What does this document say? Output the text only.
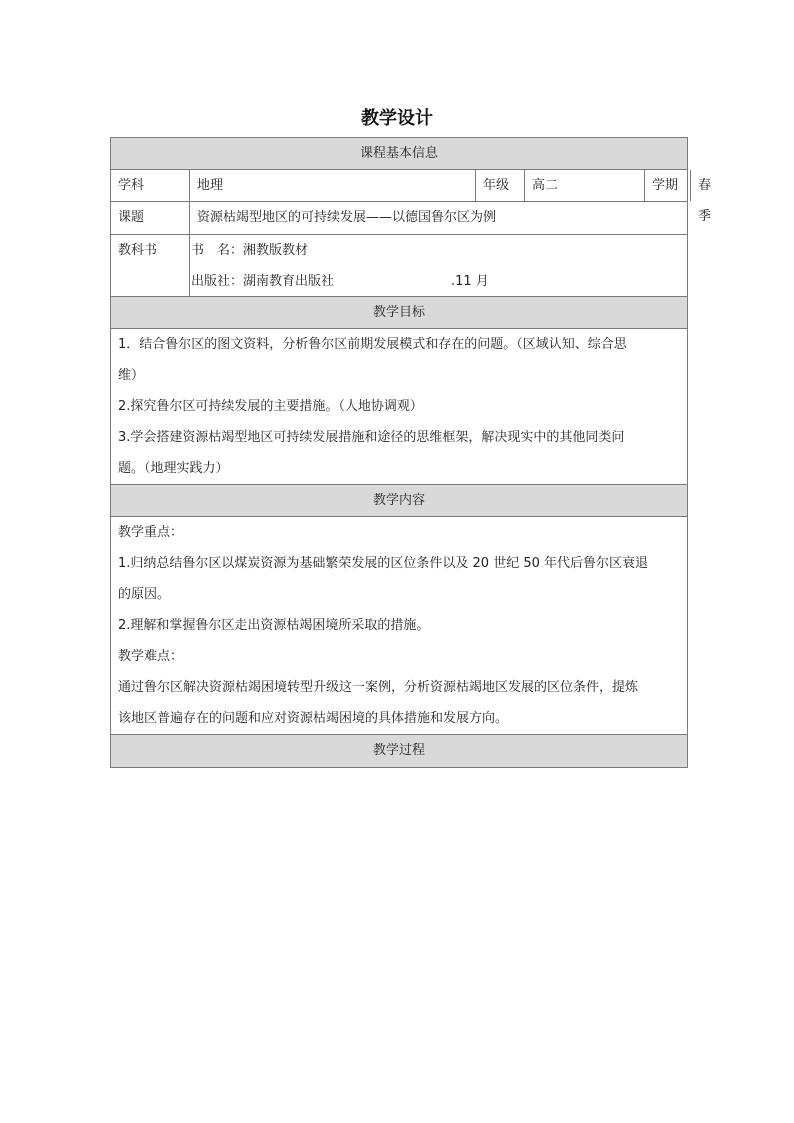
教学设计
课程基本信息
学科	地理	年级	高二	学期	春季
课题	资源枯竭型地区的可持续发展——以德国鲁尔区为例
教科书	书　名：湘教版教材
出版社：湖南教育出版社	.11 月
教学目标
1．结合鲁尔区的图文资料，分析鲁尔区前期发展模式和存在的问题。（区域认知、综合思
维）
2.探究鲁尔区可持续发展的主要措施。（人地协调观）
3.学会搭建资源枯竭型地区可持续发展措施和途径的思维框架，解决现实中的其他同类问
题。（地理实践力）
教学内容
教学重点：
1.归纳总结鲁尔区以煤炭资源为基础繁荣发展的区位条件以及 20 世纪 50 年代后鲁尔区衰退
的原因。
2.理解和掌握鲁尔区走出资源枯竭困境所采取的措施。
教学难点：
通过鲁尔区解决资源枯竭困境转型升级这一案例，分析资源枯竭地区发展的区位条件，提炼
该地区普遍存在的问题和应对资源枯竭困境的具体措施和发展方向。
教学过程
